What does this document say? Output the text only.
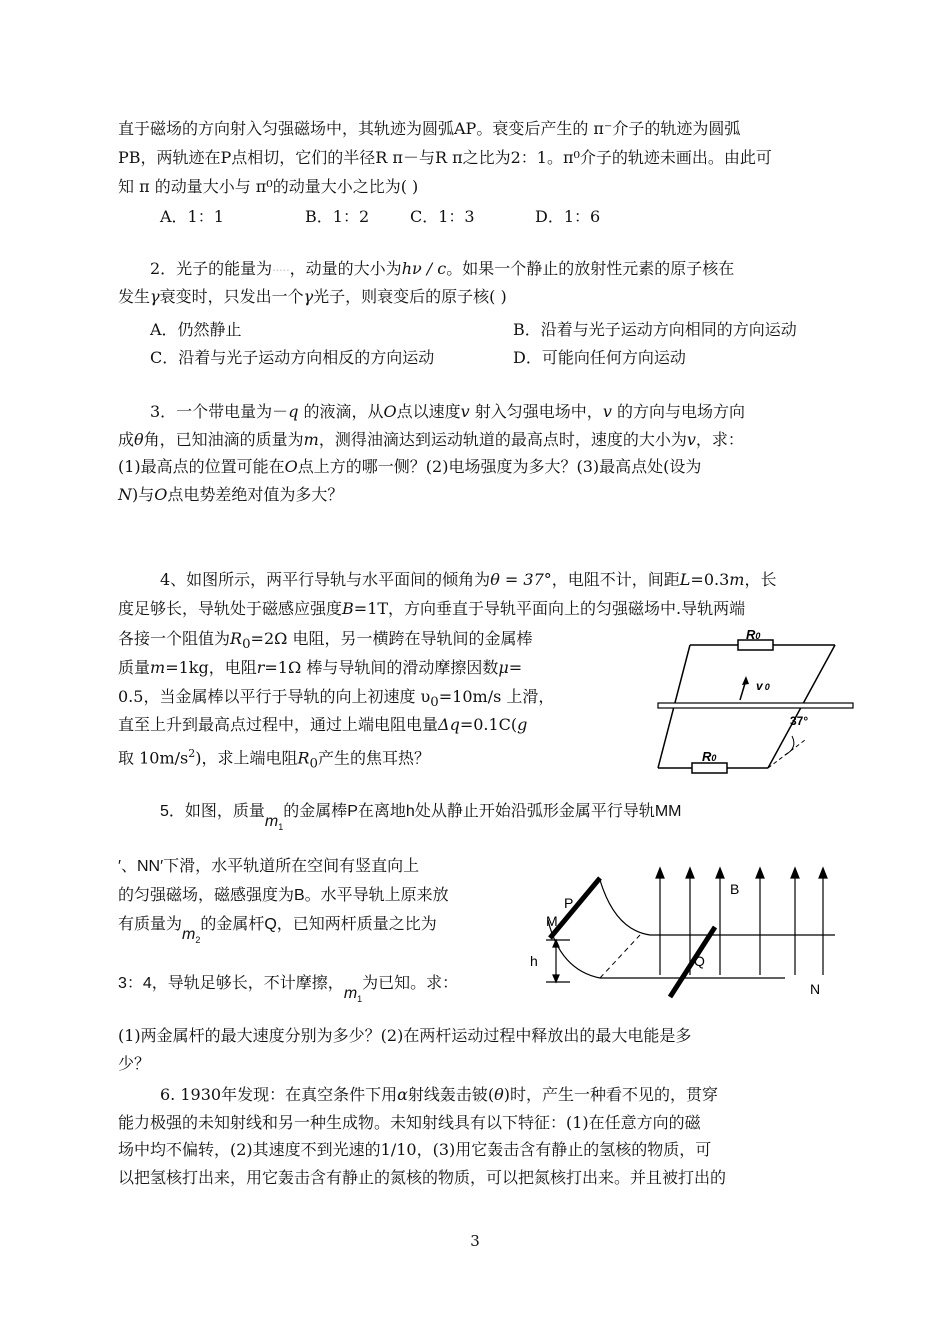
直于磁场的方向射入匀强磁场中，其轨迹为圆弧AP。衰变后产生的 π⁻介子的轨迹为圆弧
PB，两轨迹在P点相切，它们的半径R π－与R π之比为2：1。π⁰介子的轨迹未画出。由此可
知 π 的动量大小与 π⁰的动量大小之比为( )
A．1：1	B．1：2	C．1：3	D．1：6
2．光子的能量为·····，动量的大小为hν / c。如果一个静止的放射性元素的原子核在
发生γ衰变时，只发出一个γ光子，则衰变后的原子核( )
A．仍然静止	B．沿着与光子运动方向相同的方向运动
C．沿着与光子运动方向相反的方向运动	D．可能向任何方向运动
3．一个带电量为－q 的液滴，从O点以速度v 射入匀强电场中，v 的方向与电场方向
成θ角，已知油滴的质量为m，测得油滴达到运动轨道的最高点时，速度的大小为v，求：
(1)最高点的位置可能在O点上方的哪一侧？(2)电场强度为多大？(3)最高点处(设为
N)与O点电势差绝对值为多大？
4、如图所示，两平行导轨与水平面间的倾角为θ = 37°，电阻不计，间距L=0.3m，长
度足够长，导轨处于磁感应强度B=1T，方向垂直于导轨平面向上的匀强磁场中.导轨两端
各接一个阻值为$R_0=2\Omega$ 电阻，另一横跨在导轨间的金属棒
质量m=1kg，电阻r=1Ω 棒与导轨间的滑动摩擦因数μ=
0.5，当金属棒以平行于导轨的向上初速度 $\upsilon_0=10m/s$ 上滑，
直至上升到最高点过程中，通过上端电阻电量Δq=0.1C(g
取 $10m/s^2$)，求上端电阻$R_0$产生的焦耳热？
R0
R0
v 0
37°
5．如图，质量$m_1$的金属棒P在离地h处从静止开始沿弧形金属平行导轨MM
′、NN′下滑，水平轨道所在空间有竖直向上
的匀强磁场，磁感强度为B。水平导轨上原来放
有质量为$m_2$的金属杆Q，已知两杆质量之比为
3：4，导轨足够长，不计摩擦，$m_1$为已知。求：
(1)两金属杆的最大速度分别为多少？(2)在两杆运动过程中释放出的最大电能是多
少？
P
M
B
Q
N
h
6. 1930年发现：在真空条件下用α射线轰击铍(θ)时，产生一种看不见的，贯穿
能力极强的未知射线和另一种生成物。未知射线具有以下特征：(1)在任意方向的磁
场中均不偏转，(2)其速度不到光速的1/10，(3)用它轰击含有静止的氢核的物质，可
以把氢核打出来，用它轰击含有静止的氮核的物质，可以把氮核打出来。并且被打出的
3
